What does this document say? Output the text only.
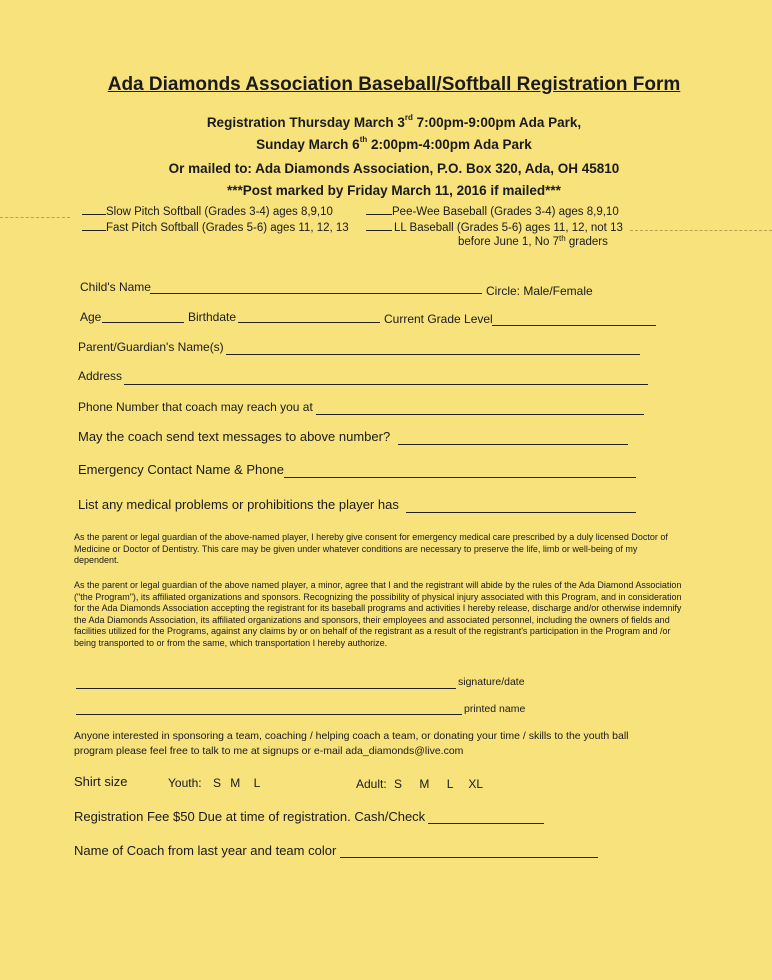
Ada Diamonds Association Baseball/Softball Registration Form
Registration Thursday March 3rd 7:00pm-9:00pm Ada Park,
Sunday March 6th 2:00pm-4:00pm Ada Park
Or mailed to: Ada Diamonds Association, P.O. Box 320, Ada, OH 45810
***Post marked by Friday March 11, 2016 if mailed***
Slow Pitch Softball (Grades 3-4) ages 8,9,10
Fast Pitch Softball (Grades 5-6) ages 11, 12, 13
Pee-Wee Baseball (Grades 3-4) ages 8,9,10
LL Baseball (Grades 5-6) ages 11, 12, not 13
before June 1, No 7th graders
Child's Name	Circle: Male/Female
Age	Birthdate	Current Grade Level
Parent/Guardian's Name(s)
Address
Phone Number that coach may reach you at
May the coach send text messages to above number?
Emergency Contact Name & Phone
List any medical problems or prohibitions the player has
As the parent or legal guardian of the above-named player, I hereby give consent for emergency medical care prescribed by a duly licensed Doctor of Medicine or Doctor of Dentistry. This care may be given under whatever conditions are necessary to preserve the life, limb or well-being of my dependent.
As the parent or legal guardian of the above named player, a minor, agree that I and the registrant will abide by the rules of the Ada Diamond Association ("the Program"), its affiliated organizations and sponsors. Recognizing the possibility of physical injury associated with this Program, and in consideration for the Ada Diamonds Association accepting the registrant for its baseball programs and activities I hereby release, discharge and/or otherwise indemnify the Ada Diamonds Association, its affiliated organizations and sponsors, their employees and associated personnel, including the owners of fields and facilities utilized for the Programs, against any claims by or on behalf of the registrant as a result of the registrant's participation in the Program and /or being transported to or from the same, which transportation I hereby authorize.
signature/date
printed name
Anyone interested in sponsoring a team, coaching / helping coach a team, or donating your time / skills to the youth ball
program please feel free to talk to me at signups or e-mail ada_diamonds@live.com
Shirt size	Youth: S M L	Adult: S M L XL
Registration Fee $50 Due at time of registration. Cash/Check
Name of Coach from last year and team color
